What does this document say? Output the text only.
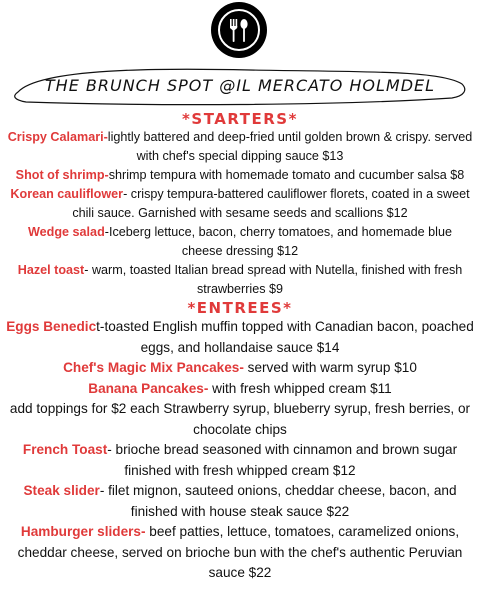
THE BRUNCH SPOT @IL MERCATO HOLMDEL

*STARTERS*

Crispy Calamari-lightly battered and deep-fried until golden brown & crispy. served with chef's special dipping sauce $13

Shot of shrimp-shrimp tempura with homemade tomato and cucumber salsa $8

Korean cauliflower- crispy tempura-battered cauliflower florets, coated in a sweet chili sauce. Garnished with sesame seeds and scallions $12

Wedge salad-Iceberg lettuce, bacon, cherry tomatoes, and homemade blue cheese dressing $12

Hazel toast- warm, toasted Italian bread spread with Nutella, finished with fresh strawberries $9

*ENTREES*

Eggs Benedict-toasted English muffin topped with Canadian bacon, poached eggs, and hollandaise sauce $14

Chef's Magic Mix Pancakes- served with warm syrup $10

Banana Pancakes- with fresh whipped cream $11

add toppings for $2 each Strawberry syrup, blueberry syrup, fresh berries, or chocolate chips

French Toast- brioche bread seasoned with cinnamon and brown sugar finished with fresh whipped cream $12

Steak slider- filet mignon, sauteed onions, cheddar cheese, bacon, and finished with house steak sauce $22

Hamburger sliders- beef patties, lettuce, tomatoes, caramelized onions, cheddar cheese, served on brioche bun with the chef's authentic Peruvian sauce $22
